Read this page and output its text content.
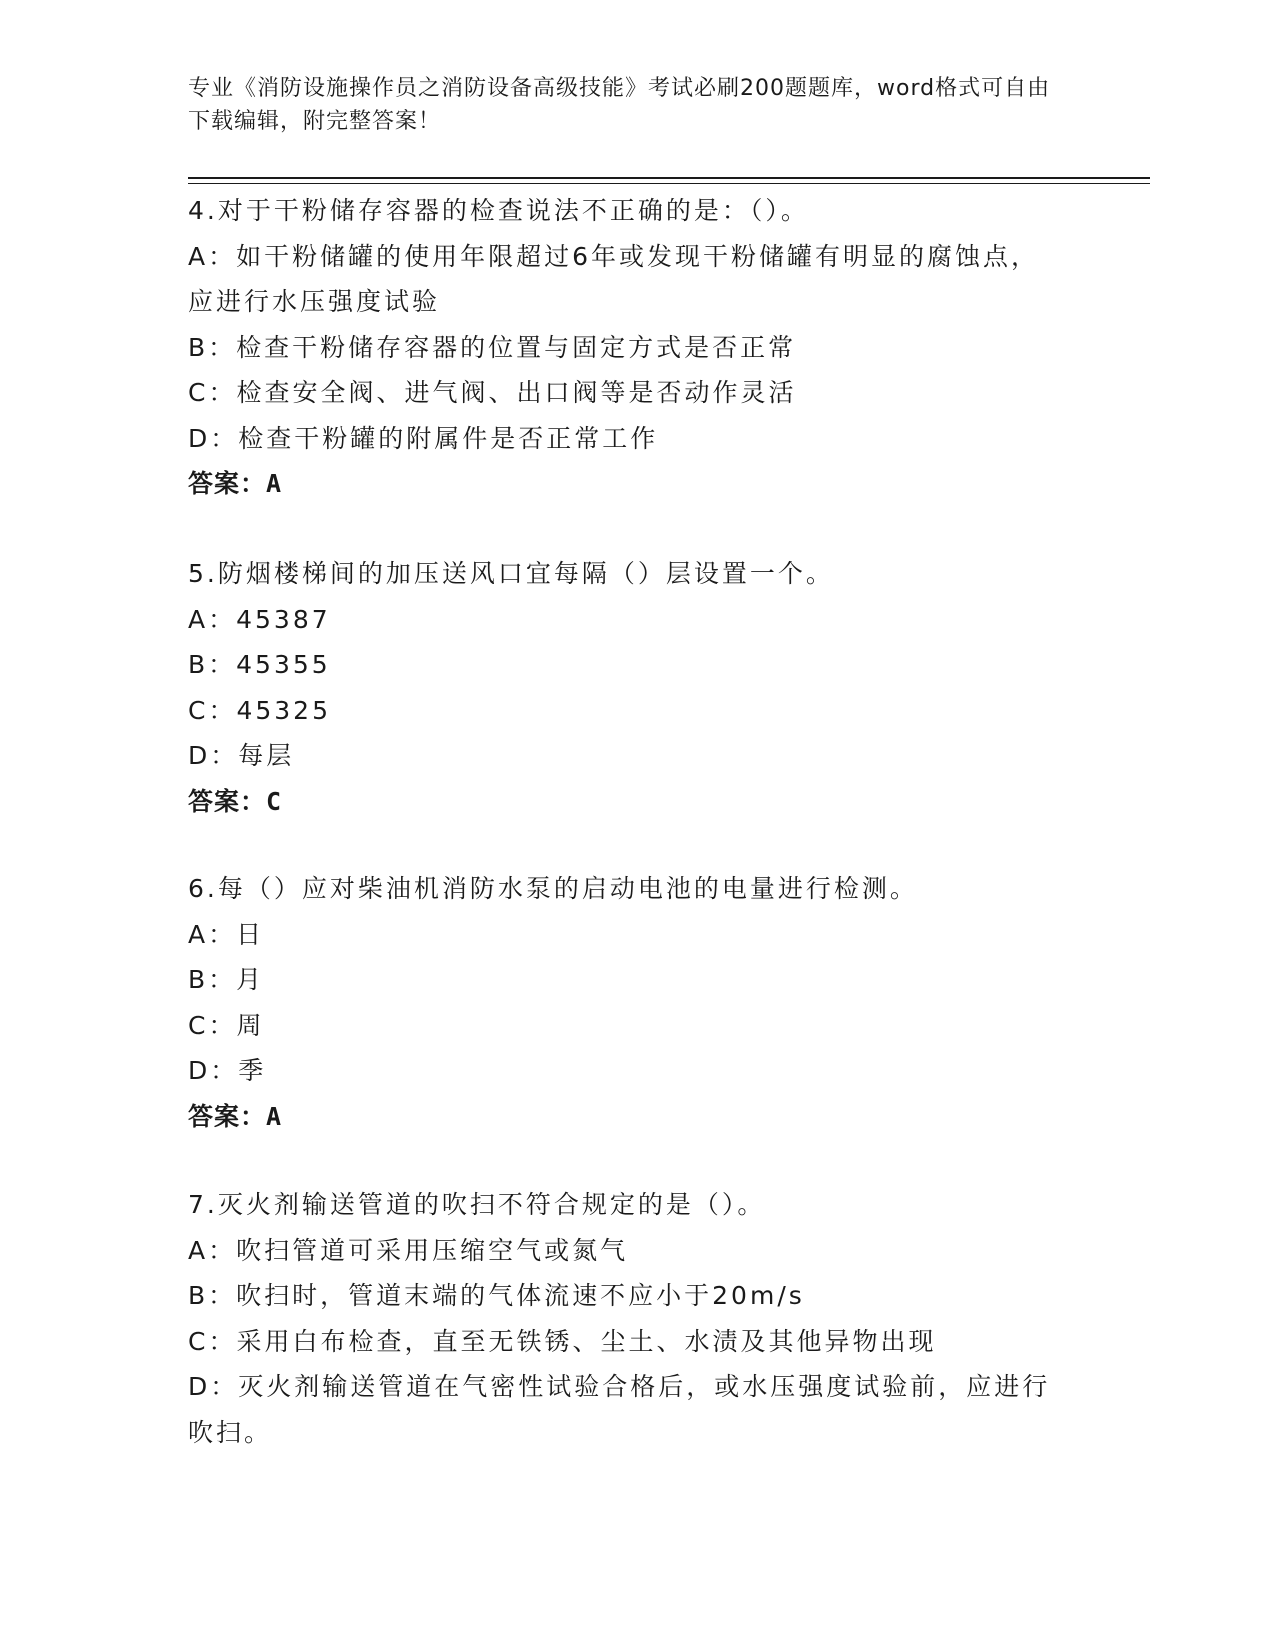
专业《消防设施操作员之消防设备高级技能》考试必刷200题题库，word格式可自由下载编辑，附完整答案！
4.对于干粉储存容器的检查说法不正确的是：（）。
A：如干粉储罐的使用年限超过6年或发现干粉储罐有明显的腐蚀点，应进行水压强度试验
B：检查干粉储存容器的位置与固定方式是否正常
C：检查安全阀、进气阀、出口阀等是否动作灵活
D：检查干粉罐的附属件是否正常工作
答案：A
5.防烟楼梯间的加压送风口宜每隔（）层设置一个。
A：45387
B：45355
C：45325
D：每层
答案：C
6.每（）应对柴油机消防水泵的启动电池的电量进行检测。
A：日
B：月
C：周
D：季
答案：A
7.灭火剂输送管道的吹扫不符合规定的是（）。
A：吹扫管道可采用压缩空气或氮气
B：吹扫时，管道末端的气体流速不应小于20m/s
C：采用白布检查，直至无铁锈、尘土、水渍及其他异物出现
D：灭火剂输送管道在气密性试验合格后，或水压强度试验前，应进行吹扫。
